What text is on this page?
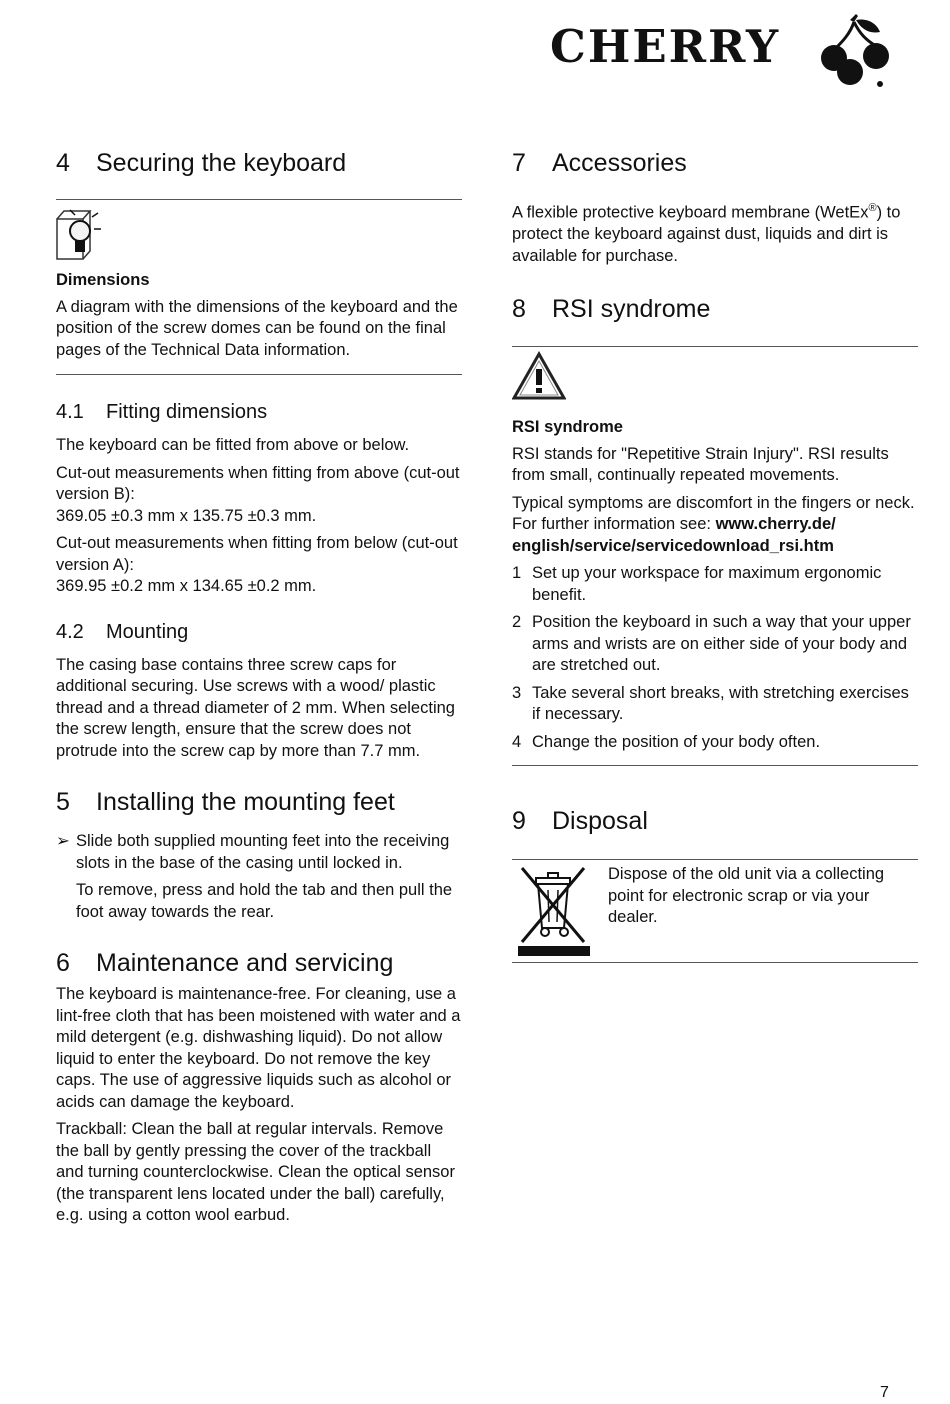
CHERRY
4 Securing the keyboard
Dimensions

A diagram with the dimensions of the keyboard and the position of the screw domes can be found on the final pages of the Technical Data information.

4.1 Fitting dimensions

The keyboard can be fitted from above or below.

Cut-out measurements when fitting from above (cut-out version B):

369.05 ±0.3 mm x 135.75 ±0.3 mm.

Cut-out measurements when fitting from below (cut-out version A):

369.95 ±0.2 mm x 134.65 ±0.2 mm.

4.2 Mounting

The casing base contains three screw caps for additional securing. Use screws with a wood/ plastic thread and a thread diameter of 2 mm. When selecting the screw length, ensure that the screw does not protrude into the screw cap by more than 7.7 mm.

5 Installing the mounting feet
➢ Slide both supplied mounting feet into the receiving slots in the base of the casing until locked in.

To remove, press and hold the tab and then pull the foot away towards the rear.

6 Maintenance and servicing

The keyboard is maintenance-free. For cleaning, use a lint-free cloth that has been moistened with water and a mild detergent (e.g. dishwashing liquid). Do not allow liquid to enter the keyboard. Do not remove the key caps. The use of aggressive liquids such as alcohol or acids can damage the keyboard.

Trackball: Clean the ball at regular intervals. Remove the ball by gently pressing the cover of the trackball and turning counterclockwise. Clean the optical sensor (the transparent lens located under the ball) carefully, e.g. using a cotton wool earbud.

7 Accessories

A flexible protective keyboard membrane (WetEx®) to protect the keyboard against dust, liquids and dirt is available for purchase.

8 RSI syndrome
RSI syndrome

RSI stands for "Repetitive Strain Injury". RSI results from small, continually repeated movements.

Typical symptoms are discomfort in the fingers or neck. For further information see: www.cherry.de/ english/service/servicedownload_rsi.htm

1 Set up your workspace for maximum ergonomic benefit.
2 Position the keyboard in such a way that your upper arms and wrists are on either side of your body and are stretched out.
3 Take several short breaks, with stretching exercises if necessary.
4 Change the position of your body often.
9 Disposal

Dispose of the old unit via a collecting point for electronic scrap or via your dealer.

7
